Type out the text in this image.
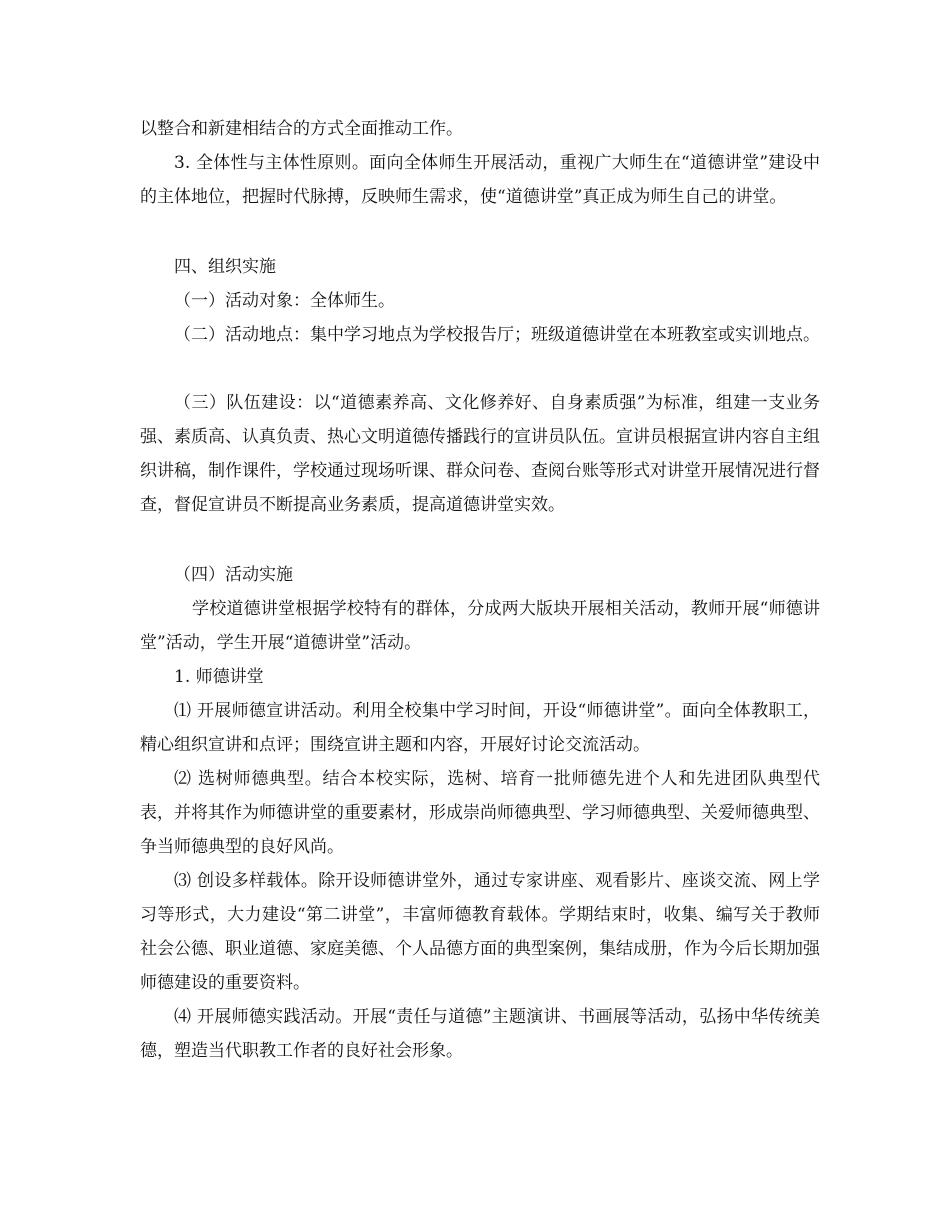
以整合和新建相结合的方式全面推动工作。

3. 全体性与主体性原则。面向全体师生开展活动，重视广大师生在“道德讲堂”建设中的主体地位，把握时代脉搏，反映师生需求，使“道德讲堂”真正成为师生自己的讲堂。

四、组织实施

（一）活动对象：全体师生。

（二）活动地点：集中学习地点为学校报告厅；班级道德讲堂在本班教室或实训地点。

（三）队伍建设：以“道德素养高、文化修养好、自身素质强”为标准，组建一支业务强、素质高、认真负责、热心文明道德传播践行的宣讲员队伍。宣讲员根据宣讲内容自主组织讲稿，制作课件，学校通过现场听课、群众问卷、查阅台账等形式对讲堂开展情况进行督查，督促宣讲员不断提高业务素质，提高道德讲堂实效。

（四）活动实施

学校道德讲堂根据学校特有的群体，分成两大版块开展相关活动，教师开展“师德讲堂”活动，学生开展“道德讲堂”活动。

1. 师德讲堂

⑴ 开展师德宣讲活动。利用全校集中学习时间，开设“师德讲堂”。面向全体教职工，精心组织宣讲和点评；围绕宣讲主题和内容，开展好讨论交流活动。

⑵ 选树师德典型。结合本校实际，选树、培育一批师德先进个人和先进团队典型代表，并将其作为师德讲堂的重要素材，形成崇尚师德典型、学习师德典型、关爱师德典型、争当师德典型的良好风尚。

⑶ 创设多样载体。除开设师德讲堂外，通过专家讲座、观看影片、座谈交流、网上学习等形式，大力建设“第二讲堂”，丰富师德教育载体。学期结束时，收集、编写关于教师社会公德、职业道德、家庭美德、个人品德方面的典型案例，集结成册，作为今后长期加强师德建设的重要资料。

⑷ 开展师德实践活动。开展“责任与道德”主题演讲、书画展等活动，弘扬中华传统美德，塑造当代职教工作者的良好社会形象。
